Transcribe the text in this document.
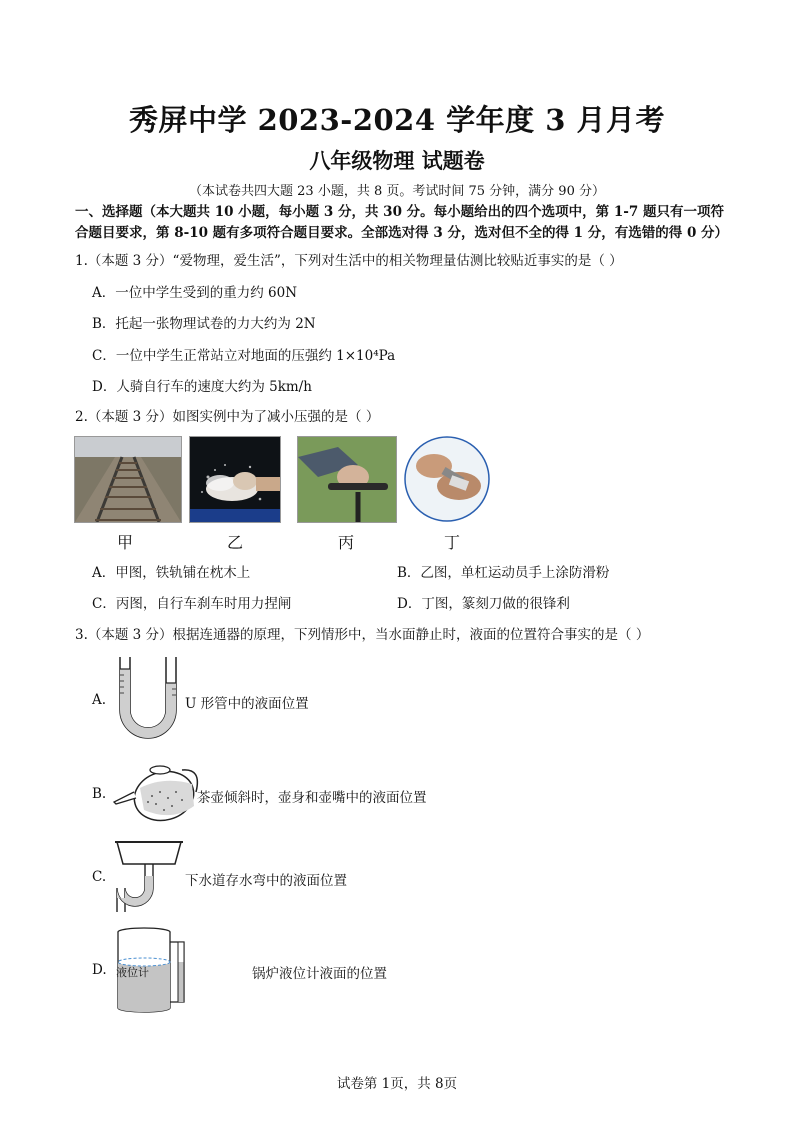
秀屏中学 2023-2024 学年度 3 月月考
八年级物理 试题卷
（本试卷共四大题 23 小题，共 8 页。考试时间 75 分钟，满分 90 分）
一、选择题（本大题共 10 小题，每小题 3 分，共 30 分。每小题给出的四个选项中，第 1-7 题只有一项符
合题目要求，第 8-10 题有多项符合题目要求。全部选对得 3 分，选对但不全的得 1 分，有选错的得 0 分）
1.（本题 3 分）“爱物理，爱生活”，下列对生活中的相关物理量估测比较贴近事实的是（ ）
A．一位中学生受到的重力约 60N
B．托起一张物理试卷的力大约为 2N
C．一位中学生正常站立对地面的压强约 1×10⁴Pa
D．人骑自行车的速度大约为 5km/h
2.（本题 3 分）如图实例中为了减小压强的是（ ）
甲	乙	丙	丁
A．甲图，铁轨铺在枕木上	B．乙图，单杠运动员手上涂防滑粉
C．丙图，自行车刹车时用力捏闸	D．丁图，篆刻刀做的很锋利
3.（本题 3 分）根据连通器的原理，下列情形中，当水面静止时，液面的位置符合事实的是（ ）
A.	U 形管中的液面位置
B.	茶壶倾斜时，壶身和壶嘴中的液面位置
C.	下水道存水弯中的液面位置
D. 液位计	锅炉液位计液面的位置
试卷第 1页，共 8页
